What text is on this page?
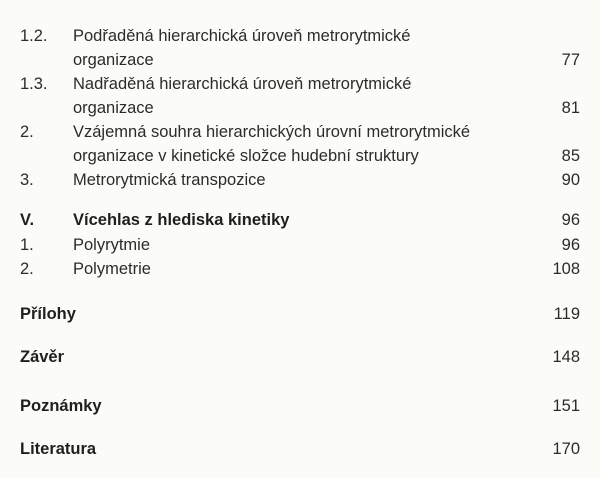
1.2. Podřaděná hierarchická úroveň metrorytmické
organizace	77
1.3. Nadřaděná hierarchická úroveň metrorytmické
organizace	81
2. Vzájemná souhra hierarchických úrovní metrorytmické
organizace v kinetické složce hudební struktury	85
3. Metrorytmická transpozice	90
V. Vícehlas z hlediska kinetiky	96
1. Polyrytmie	96
2. Polymetrie	108
Přílohy	119
Závěr	148
Poznámky	151
Literatura	170
